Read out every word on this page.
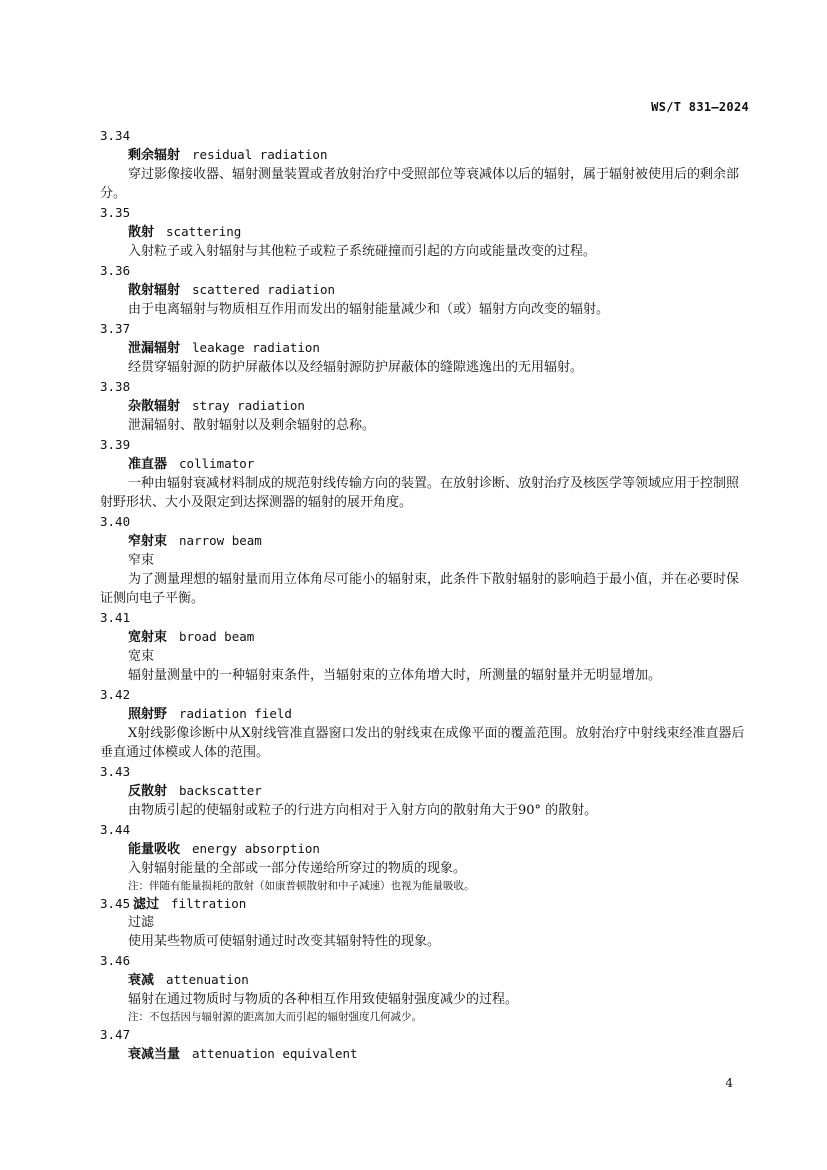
WS/T 831—2024
3.34
剩余辐射 residual radiation
穿过影像接收器、辐射测量装置或者放射治疗中受照部位等衰减体以后的辐射，属于辐射被使用后的剩余部分。
3.35
散射 scattering
入射粒子或入射辐射与其他粒子或粒子系统碰撞而引起的方向或能量改变的过程。
3.36
散射辐射 scattered radiation
由于电离辐射与物质相互作用而发出的辐射能量减少和（或）辐射方向改变的辐射。
3.37
泄漏辐射 leakage radiation
经贯穿辐射源的防护屏蔽体以及经辐射源防护屏蔽体的缝隙逃逸出的无用辐射。
3.38
杂散辐射 stray radiation
泄漏辐射、散射辐射以及剩余辐射的总称。
3.39
准直器 collimator
一种由辐射衰减材料制成的规范射线传输方向的装置。在放射诊断、放射治疗及核医学等领域应用于控制照射野形状、大小及限定到达探测器的辐射的展开角度。
3.40
窄射束 narrow beam
窄束
为了测量理想的辐射量而用立体角尽可能小的辐射束，此条件下散射辐射的影响趋于最小值，并在必要时保证侧向电子平衡。
3.41
宽射束 broad beam
宽束
辐射量测量中的一种辐射束条件，当辐射束的立体角增大时，所测量的辐射量并无明显增加。
3.42
照射野 radiation field
X射线影像诊断中从X射线管准直器窗口发出的射线束在成像平面的覆盖范围。放射治疗中射线束经准直器后垂直通过体模或人体的范围。
3.43
反散射 backscatter
由物质引起的使辐射或粒子的行进方向相对于入射方向的散射角大于90° 的散射。
3.44
能量吸收 energy absorption
入射辐射能量的全部或一部分传递给所穿过的物质的现象。
注：伴随有能量损耗的散射（如康普顿散射和中子减速）也视为能量吸收。
3.45 滤过 filtration
过滤
使用某些物质可使辐射通过时改变其辐射特性的现象。
3.46
衰减 attenuation
辐射在通过物质时与物质的各种相互作用致使辐射强度减少的过程。
注：不包括因与辐射源的距离加大而引起的辐射强度几何减少。
3.47
衰减当量 attenuation equivalent
4
